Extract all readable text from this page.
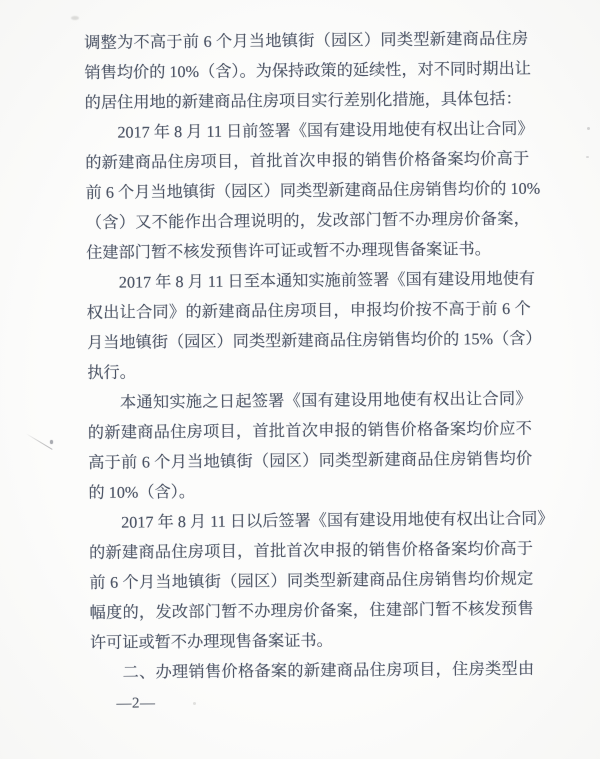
调整为不高于前 6 个月当地镇街（园区）同类型新建商品住房
销售均价的 10%（含）。为保持政策的延续性，对不同时期出让
的居住用地的新建商品住房项目实行差别化措施，具体包括：

2017 年 8 月 11 日前签署《国有建设用地使有权出让合同》
的新建商品住房项目，首批首次申报的销售价格备案均价高于
前 6 个月当地镇街（园区）同类型新建商品住房销售均价的 10%
（含）又不能作出合理说明的，发改部门暂不办理房价备案，
住建部门暂不核发预售许可证或暂不办理现售备案证书。

2017 年 8 月 11 日至本通知实施前签署《国有建设用地使有
权出让合同》的新建商品住房项目，申报均价按不高于前 6 个
月当地镇街（园区）同类型新建商品住房销售均价的 15%（含）
执行。

本通知实施之日起签署《国有建设用地使有权出让合同》
的新建商品住房项目，首批首次申报的销售价格备案均价应不
高于前 6 个月当地镇街（园区）同类型新建商品住房销售均价
的 10%（含）。

2017 年 8 月 11 日以后签署《国有建设用地使有权出让合同》
的新建商品住房项目，首批首次申报的销售价格备案均价高于
前 6 个月当地镇街（园区）同类型新建商品住房销售均价规定
幅度的，发改部门暂不办理房价备案，住建部门暂不核发预售
许可证或暂不办理现售备案证书。

二、办理销售价格备案的新建商品住房项目，住房类型由

—2—
